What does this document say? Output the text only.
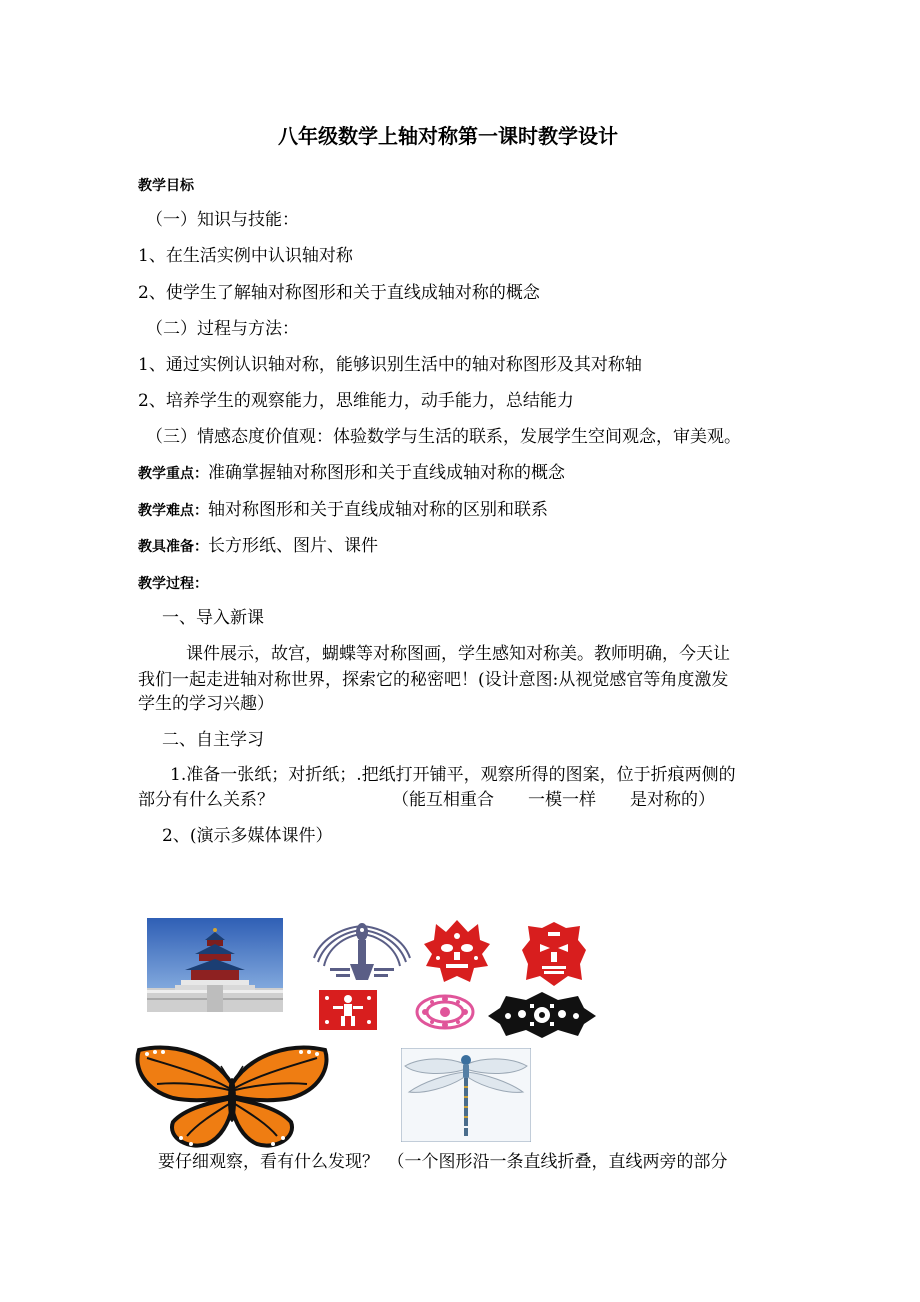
八年级数学上轴对称第一课时教学设计
教学目标
（一）知识与技能：
1、在生活实例中认识轴对称
2、使学生了解轴对称图形和关于直线成轴对称的概念
（二）过程与方法：
1、通过实例认识轴对称，能够识别生活中的轴对称图形及其对称轴
2、培养学生的观察能力，思维能力，动手能力，总结能力
（三）情感态度价值观：体验数学与生活的联系，发展学生空间观念，审美观。
教学重点：准确掌握轴对称图形和关于直线成轴对称的概念
教学难点：轴对称图形和关于直线成轴对称的区别和联系
教具准备：长方形纸、图片、课件
教学过程：
一、导入新课
课件展示，故宫，蝴蝶等对称图画，学生感知对称美。教师明确，今天让
我们一起走进轴对称世界，探索它的秘密吧！(设计意图:从视觉感官等角度激发
学生的学习兴趣）
二、自主学习
1.准备一张纸；对折纸；.把纸打开铺平，观察所得的图案，位于折痕两侧的
部分有什么关系？	（能互相重合　　一模一样　　是对称的）
2、(演示多媒体课件）
要仔细观察，看有什么发现？　（一个图形沿一条直线折叠，直线两旁的部分
